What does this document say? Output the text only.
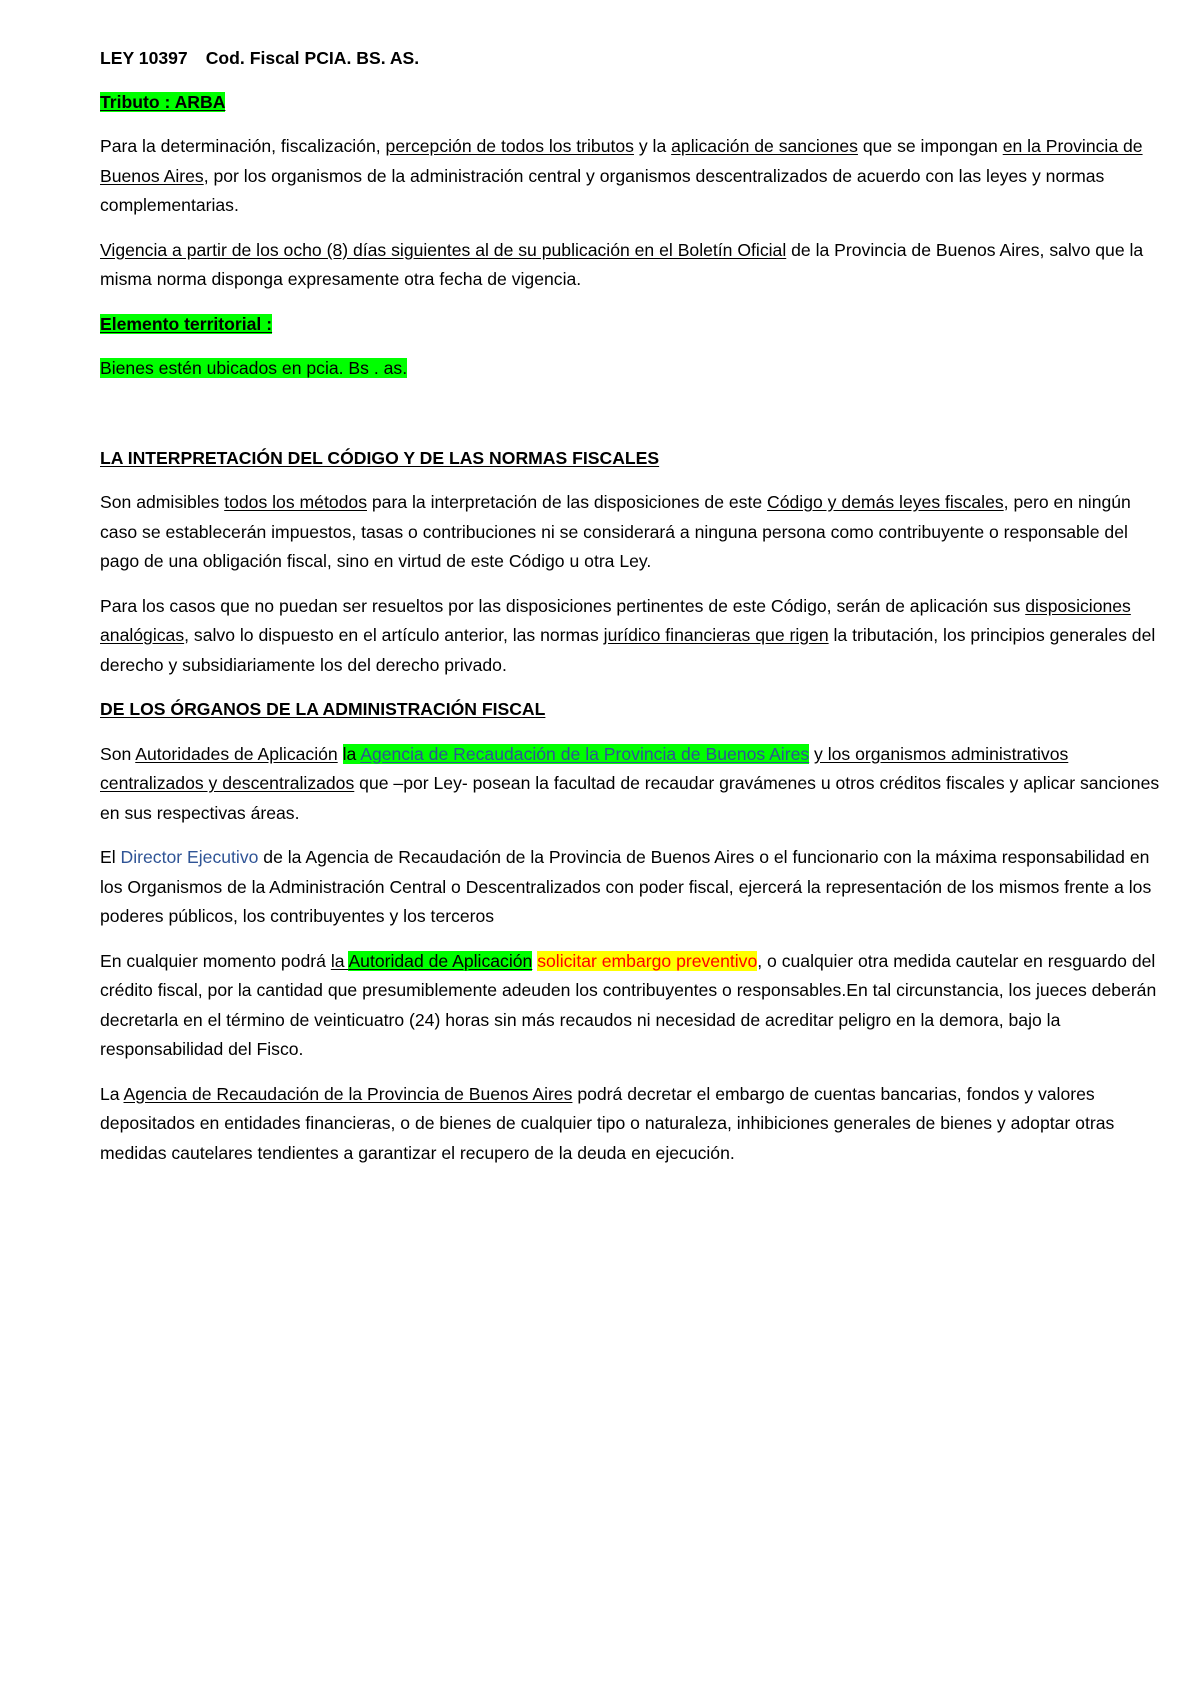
LEY 10397 Cod. Fiscal PCIA. BS. AS.

Tributo : ARBA

Para la determinación, fiscalización, percepción de todos los tributos y la aplicación de sanciones que se impongan en la Provincia de Buenos Aires, por los organismos de la administración central y organismos descentralizados de acuerdo con las leyes y normas complementarias.

Vigencia a partir de los ocho (8) días siguientes al de su publicación en el Boletín Oficial de la Provincia de Buenos Aires, salvo que la misma norma disponga expresamente otra fecha de vigencia.

Elemento territorial :

Bienes estén ubicados en pcia. Bs . as.

LA INTERPRETACIÓN DEL CÓDIGO Y DE LAS NORMAS FISCALES

Son admisibles todos los métodos para la interpretación de las disposiciones de este Código y demás leyes fiscales, pero en ningún caso se establecerán impuestos, tasas o contribuciones ni se considerará a ninguna persona como contribuyente o responsable del pago de una obligación fiscal, sino en virtud de este Código u otra Ley.

Para los casos que no puedan ser resueltos por las disposiciones pertinentes de este Código, serán de aplicación sus disposiciones analógicas, salvo lo dispuesto en el artículo anterior, las normas jurídico financieras que rigen la tributación, los principios generales del derecho y subsidiariamente los del derecho privado.

DE LOS ÓRGANOS DE LA ADMINISTRACIÓN FISCAL

Son Autoridades de Aplicación la Agencia de Recaudación de la Provincia de Buenos Aires y los organismos administrativos centralizados y descentralizados que –por Ley- posean la facultad de recaudar gravámenes u otros créditos fiscales y aplicar sanciones en sus respectivas áreas.

El Director Ejecutivo de la Agencia de Recaudación de la Provincia de Buenos Aires o el funcionario con la máxima responsabilidad en los Organismos de la Administración Central o Descentralizados con poder fiscal, ejercerá la representación de los mismos frente a los poderes públicos, los contribuyentes y los terceros

En cualquier momento podrá la Autoridad de Aplicación solicitar embargo preventivo, o cualquier otra medida cautelar en resguardo del crédito fiscal, por la cantidad que presumiblemente adeuden los contribuyentes o responsables.En tal circunstancia, los jueces deberán decretarla en el término de veinticuatro (24) horas sin más recaudos ni necesidad de acreditar peligro en la demora, bajo la responsabilidad del Fisco.

La Agencia de Recaudación de la Provincia de Buenos Aires podrá decretar el embargo de cuentas bancarias, fondos y valores depositados en entidades financieras, o de bienes de cualquier tipo o naturaleza, inhibiciones generales de bienes y adoptar otras medidas cautelares tendientes a garantizar el recupero de la deuda en ejecución.
